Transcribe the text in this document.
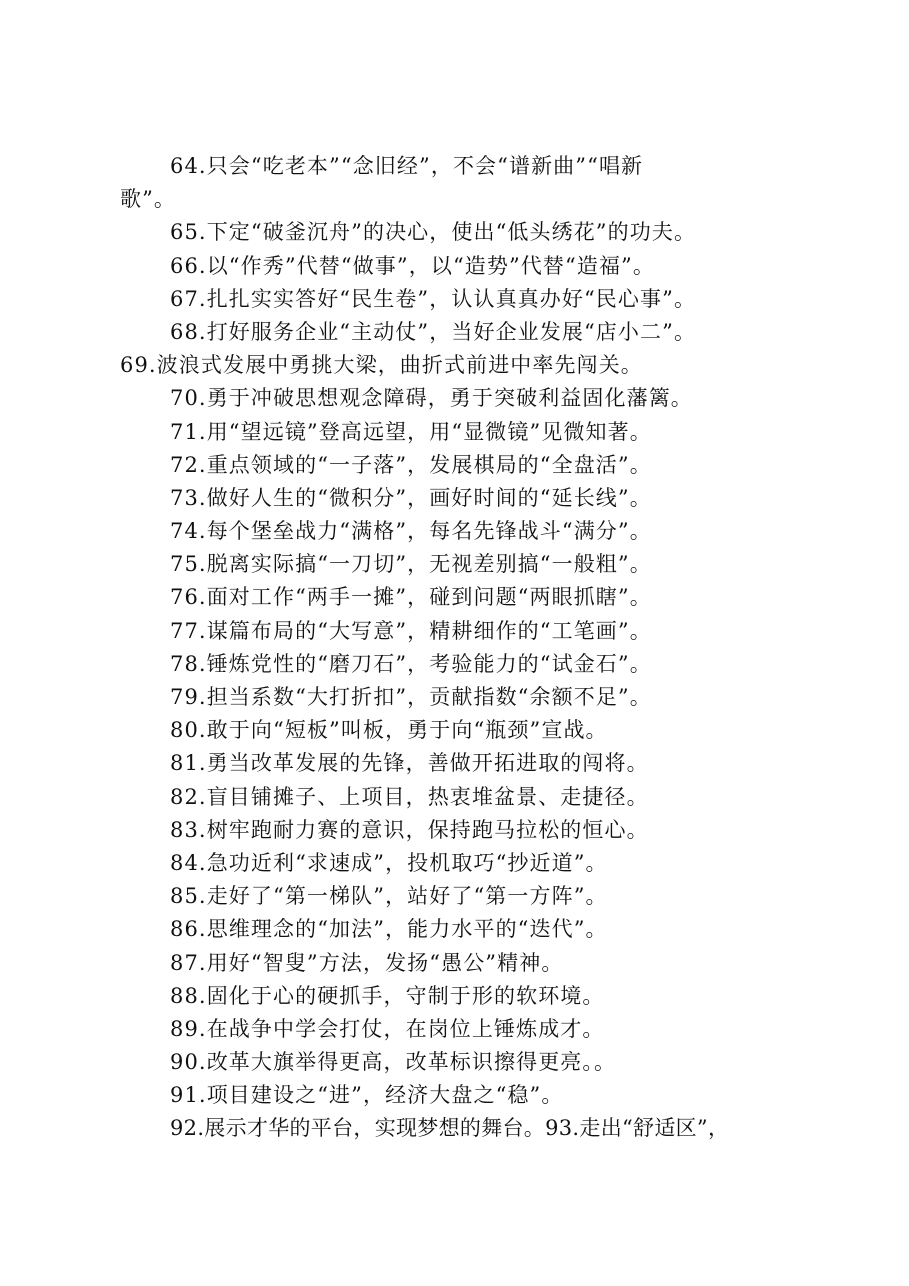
64.只会“吃老本”“念旧经”，不会“谱新曲”“唱新
歌”。
65.下定“破釜沉舟”的决心，使出“低头绣花”的功夫。
66.以“作秀”代替“做事”，以“造势”代替“造福”。
67.扎扎实实答好“民生卷”，认认真真办好“民心事”。
68.打好服务企业“主动仗”，当好企业发展“店小二”。
69.波浪式发展中勇挑大梁，曲折式前进中率先闯关。
70.勇于冲破思想观念障碍，勇于突破利益固化藩篱。
71.用“望远镜”登高远望，用“显微镜”见微知著。
72.重点领域的“一子落”，发展棋局的“全盘活”。
73.做好人生的“微积分”，画好时间的“延长线”。
74.每个堡垒战力“满格”，每名先锋战斗“满分”。
75.脱离实际搞“一刀切”，无视差别搞“一般粗”。
76.面对工作“两手一摊”，碰到问题“两眼抓瞎”。
77.谋篇布局的“大写意”，精耕细作的“工笔画”。
78.锤炼党性的“磨刀石”，考验能力的“试金石”。
79.担当系数“大打折扣”，贡献指数“余额不足”。
80.敢于向“短板”叫板，勇于向“瓶颈”宣战。
81.勇当改革发展的先锋，善做开拓进取的闯将。
82.盲目铺摊子、上项目，热衷堆盆景、走捷径。
83.树牢跑耐力赛的意识，保持跑马拉松的恒心。
84.急功近利“求速成”，投机取巧“抄近道”。
85.走好了“第一梯队”，站好了“第一方阵”。
86.思维理念的“加法”，能力水平的“迭代”。
87.用好“智叟”方法，发扬“愚公”精神。
88.固化于心的硬抓手，守制于形的软环境。
89.在战争中学会打仗，在岗位上锤炼成才。
90.改革大旗举得更高，改革标识擦得更亮。。
91.项目建设之“进”，经济大盘之“稳”。
92.展示才华的平台，实现梦想的舞台。93.走出“舒适区”，
